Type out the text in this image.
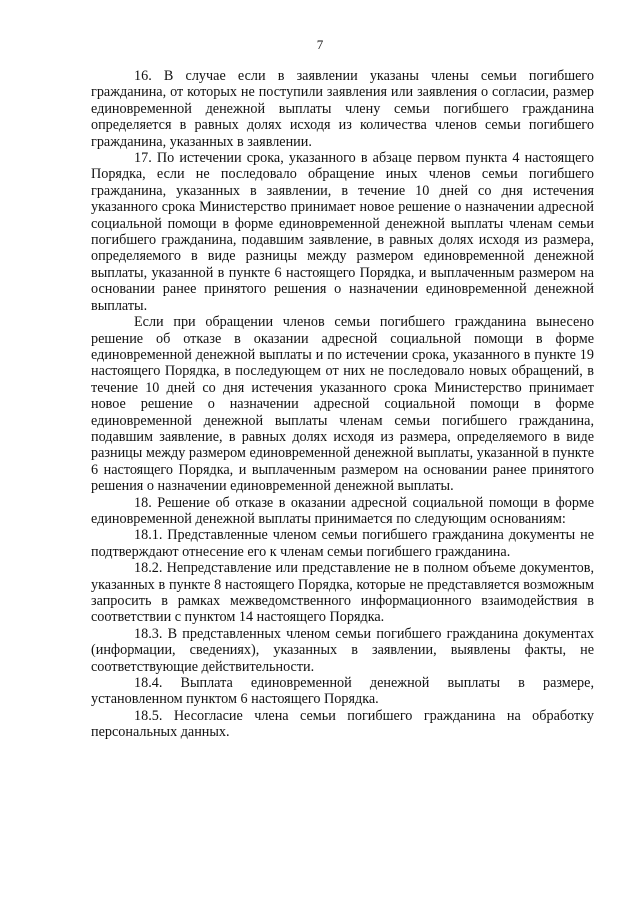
7

16. В случае если в заявлении указаны члены семьи погибшего гражданина, от которых не поступили заявления или заявления о согласии, размер единовременной денежной выплаты члену семьи погибшего гражданина определяется в равных долях исходя из количества членов семьи погибшего гражданина, указанных в заявлении.

17. По истечении срока, указанного в абзаце первом пункта 4 настоящего Порядка, если не последовало обращение иных членов семьи погибшего гражданина, указанных в заявлении, в течение 10 дней со дня истечения указанного срока Министерство принимает новое решение о назначении адресной социальной помощи в форме единовременной денежной выплаты членам семьи погибшего гражданина, подавшим заявление, в равных долях исходя из размера, определяемого в виде разницы между размером единовременной денежной выплаты, указанной в пункте 6 настоящего Порядка, и выплаченным размером на основании ранее принятого решения о назначении единовременной денежной выплаты.

Если при обращении членов семьи погибшего гражданина вынесено решение об отказе в оказании адресной социальной помощи в форме единовременной денежной выплаты и по истечении срока, указанного в пункте 19 настоящего Порядка, в последующем от них не последовало новых обращений, в течение 10 дней со дня истечения указанного срока Министерство принимает новое решение о назначении адресной социальной помощи в форме единовременной денежной выплаты членам семьи погибшего гражданина, подавшим заявление, в равных долях исходя из размера, определяемого в виде разницы между размером единовременной денежной выплаты, указанной в пункте 6 настоящего Порядка, и выплаченным размером на основании ранее принятого решения о назначении единовременной денежной выплаты.

18. Решение об отказе в оказании адресной социальной помощи в форме единовременной денежной выплаты принимается по следующим основаниям:

18.1. Представленные членом семьи погибшего гражданина документы не подтверждают отнесение его к членам семьи погибшего гражданина.

18.2. Непредставление или представление не в полном объеме документов, указанных в пункте 8 настоящего Порядка, которые не представляется возможным запросить в рамках межведомственного информационного взаимодействия в соответствии с пунктом 14 настоящего Порядка.

18.3. В представленных членом семьи погибшего гражданина документах (информации, сведениях), указанных в заявлении, выявлены факты, не соответствующие действительности.

18.4. Выплата единовременной денежной выплаты в размере, установленном пунктом 6 настоящего Порядка.

18.5. Несогласие члена семьи погибшего гражданина на обработку персональных данных.
